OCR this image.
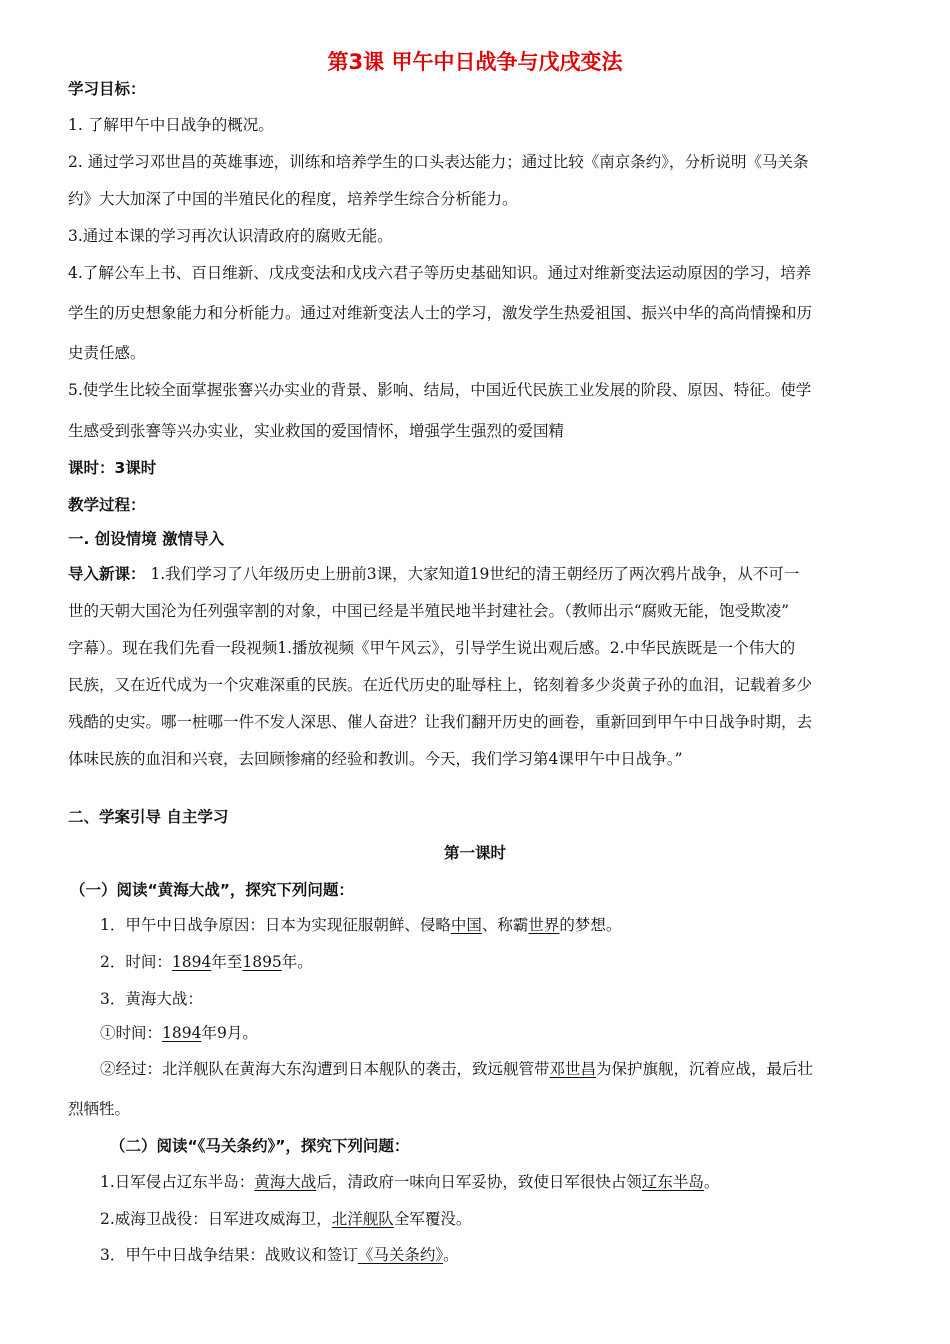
第3课 甲午中日战争与戊戌变法
学习目标：
1. 了解甲午中日战争的概况。
2. 通过学习邓世昌的英雄事迹，训练和培养学生的口头表达能力；通过比较《南京条约》，分析说明《马关条
约》大大加深了中国的半殖民化的程度，培养学生综合分析能力。
3.通过本课的学习再次认识清政府的腐败无能。
4.了解公车上书、百日维新、戊戌变法和戊戌六君子等历史基础知识。通过对维新变法运动原因的学习，培养
学生的历史想象能力和分析能力。通过对维新变法人士的学习，激发学生热爱祖国、振兴中华的高尚情操和历
史责任感。
5.使学生比较全面掌握张謇兴办实业的背景、影响、结局，中国近代民族工业发展的阶段、原因、特征。使学
生感受到张謇等兴办实业，实业救国的爱国情怀，增强学生强烈的爱国精
课时：3课时
教学过程：
一. 创设情境 激情导入
导入新课： 1.我们学习了八年级历史上册前3课，大家知道19世纪的清王朝经历了两次鸦片战争，从不可一
世的天朝大国沦为任列强宰割的对象，中国已经是半殖民地半封建社会。（教师出示“腐败无能，饱受欺凌”
字幕）。现在我们先看一段视频1.播放视频《甲午风云》，引导学生说出观后感。2.中华民族既是一个伟大的
民族，又在近代成为一个灾难深重的民族。在近代历史的耻辱柱上，铭刻着多少炎黄子孙的血泪，记载着多少
残酷的史实。哪一桩哪一件不发人深思、催人奋进？让我们翻开历史的画卷，重新回到甲午中日战争时期，去
体味民族的血泪和兴衰，去回顾惨痛的经验和教训。今天，我们学习第4课甲午中日战争。”
二、学案引导 自主学习
第一课时
（一）阅读“黄海大战”，探究下列问题：
1．甲午中日战争原因：日本为实现征服朝鲜、侵略中国、称霸世界的梦想。
2．时间：1894年至1895年。
3．黄海大战：
①时间：1894年9月。
②经过：北洋舰队在黄海大东沟遭到日本舰队的袭击，致远舰管带邓世昌为保护旗舰，沉着应战，最后壮
烈牺牲。
（二）阅读“《马关条约》”，探究下列问题：
1.日军侵占辽东半岛：黄海大战后，清政府一味向日军妥协，致使日军很快占领辽东半岛。
2.威海卫战役：日军进攻威海卫，北洋舰队全军覆没。
3．甲午中日战争结果：战败议和签订《马关条约》。
